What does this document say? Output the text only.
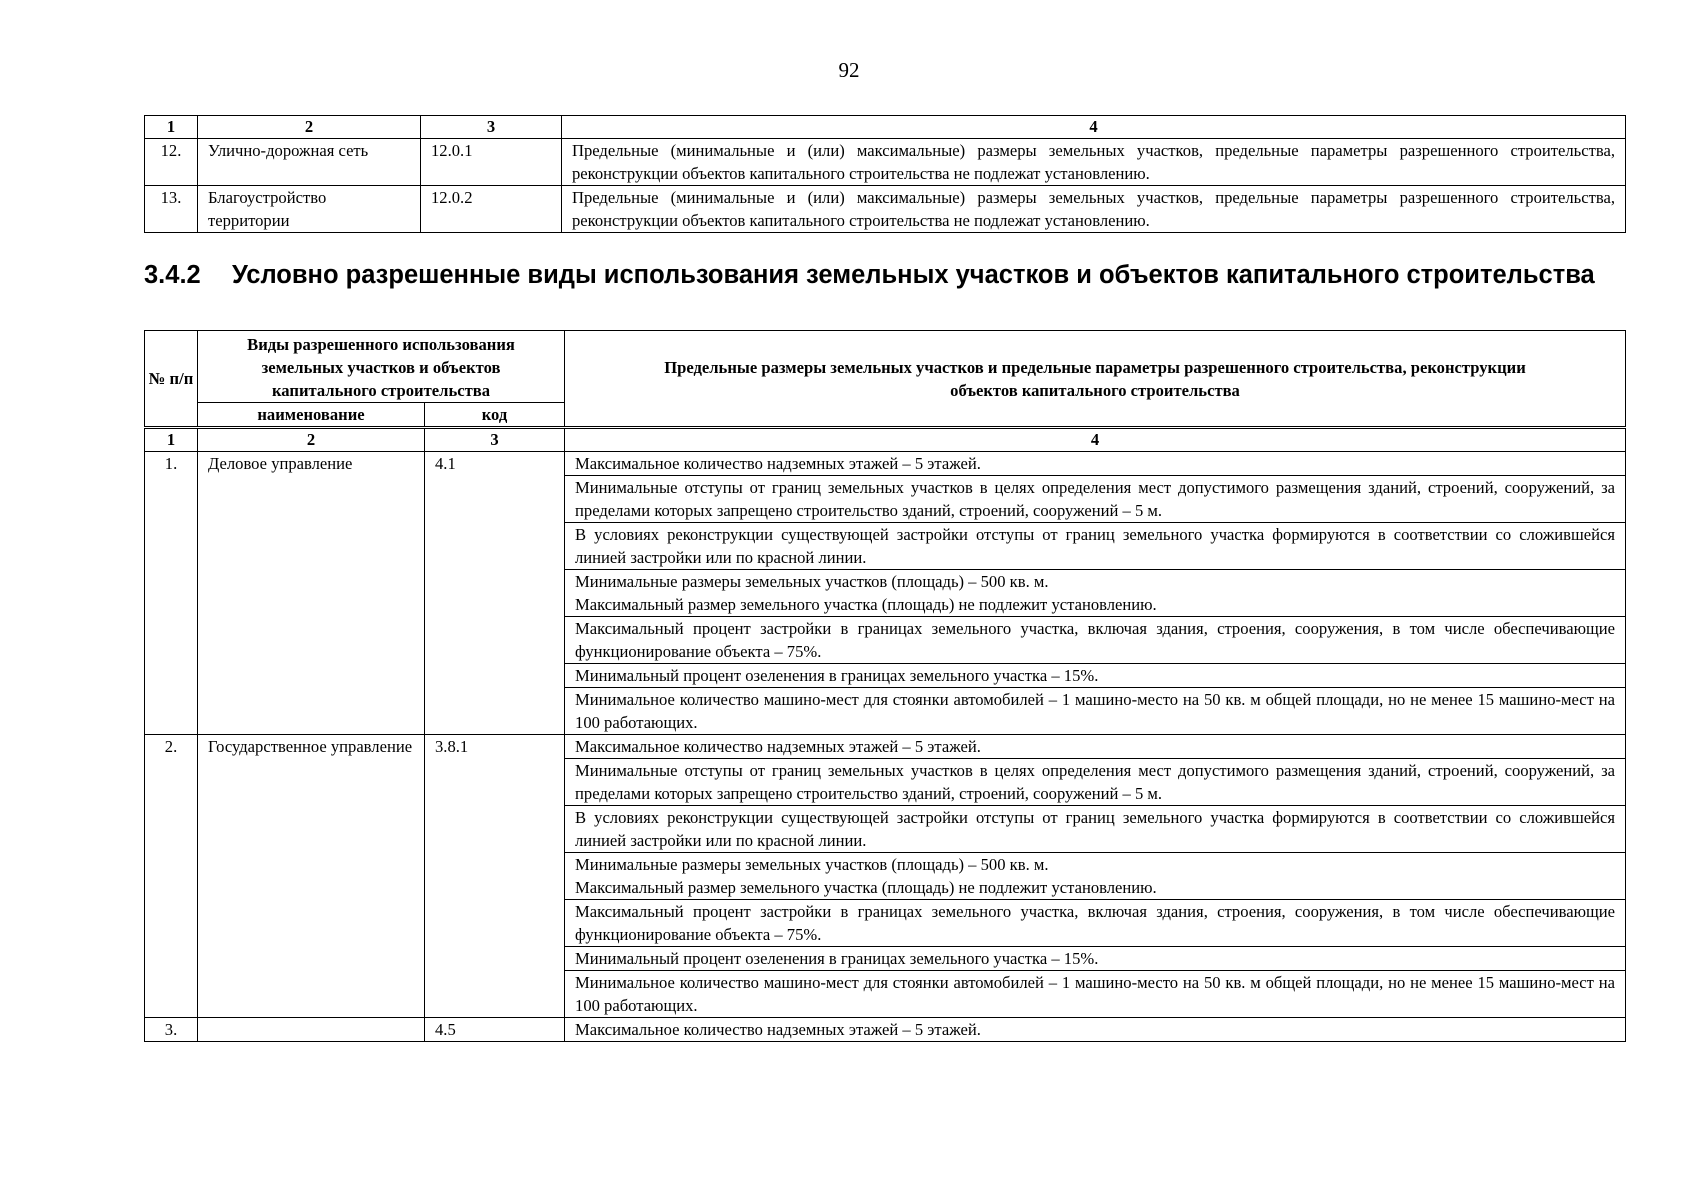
92
1	2	3	4
12.	Улично-дорожная сеть	12.0.1	Предельные (минимальные и (или) максимальные) размеры земельных участков, предельные параметры разрешенного строительства, реконструкции объектов капитального строительства не подлежат установлению.
13.	Благоустройство территории	12.0.2	Предельные (минимальные и (или) максимальные) размеры земельных участков, предельные параметры разрешенного строительства, реконструкции объектов капитального строительства не подлежат установлению.
3.4.2 Условно разрешенные виды использования земельных участков и объектов капитального строительства
№ п/п	Виды разрешенного использования земельных участков и объектов капитального строительства		Предельные размеры земельных участков и предельные параметры разрешенного строительства, реконструкции объектов капитального строительства
	наименование	код	
1	2	3	4
1.	Деловое управление	4.1	Максимальное количество надземных этажей – 5 этажей.
			Минимальные отступы от границ земельных участков в целях определения мест допустимого размещения зданий, строений, сооружений, за пределами которых запрещено строительство зданий, строений, сооружений – 5 м.
			В условиях реконструкции существующей застройки отступы от границ земельного участка формируются в соответствии со сложившейся линией застройки или по красной линии.
			Минимальные размеры земельных участков (площадь) – 500 кв. м.
Максимальный размер земельного участка (площадь) не подлежит установлению.
			Максимальный процент застройки в границах земельного участка, включая здания, строения, сооружения, в том числе обеспечивающие функционирование объекта – 75%.
			Минимальный процент озеленения в границах земельного участка – 15%.
			Минимальное количество машино-мест для стоянки автомобилей – 1 машино-место на 50 кв. м общей площади, но не менее 15 машино-мест на 100 работающих.
2.	Государственное управление	3.8.1	Максимальное количество надземных этажей – 5 этажей.
			Минимальные отступы от границ земельных участков в целях определения мест допустимого размещения зданий, строений, сооружений, за пределами которых запрещено строительство зданий, строений, сооружений – 5 м.
			В условиях реконструкции существующей застройки отступы от границ земельного участка формируются в соответствии со сложившейся линией застройки или по красной линии.
			Минимальные размеры земельных участков (площадь) – 500 кв. м.
Максимальный размер земельного участка (площадь) не подлежит установлению.
			Максимальный процент застройки в границах земельного участка, включая здания, строения, сооружения, в том числе обеспечивающие функционирование объекта – 75%.
			Минимальный процент озеленения в границах земельного участка – 15%.
			Минимальное количество машино-мест для стоянки автомобилей – 1 машино-место на 50 кв. м общей площади, но не менее 15 машино-мест на 100 работающих.
3.		4.5	Максимальное количество надземных этажей – 5 этажей.
